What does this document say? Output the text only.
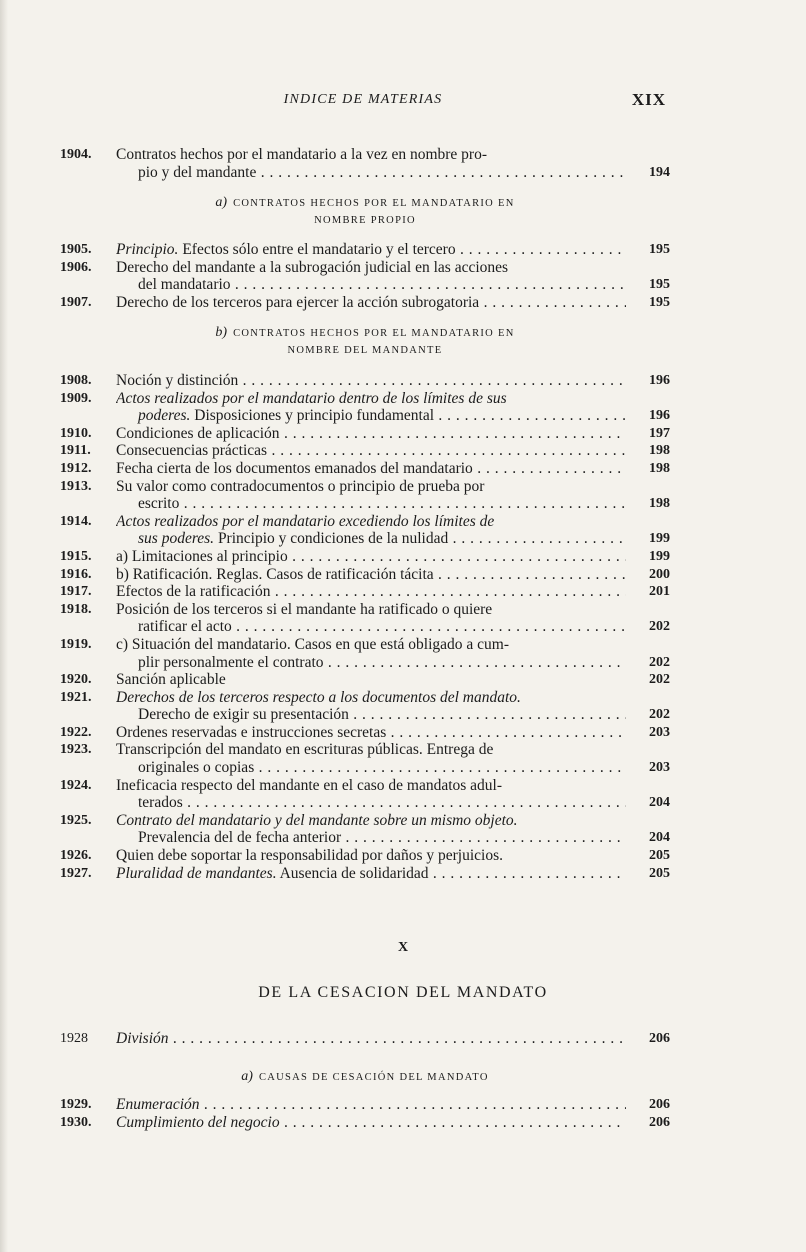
INDICE DE MATERIAS	XIX
1904.	Contratos hechos por el mandatario a la vez en nombre pro-
pio y del mandante . . .	194
a) CONTRATOS HECHOS POR EL MANDATARIO EN
NOMBRE PROPIO
1905.	Principio. Efectos sólo entre el mandatario y el tercero . . .	195
1906.	Derecho del mandante a la subrogación judicial en las acciones
del mandatario . . .	195
1907.	Derecho de los terceros para ejercer la acción subrogatoria . . .	195
b) CONTRATOS HECHOS POR EL MANDATARIO EN
NOMBRE DEL MANDANTE
1908.	Noción y distinción . . .	196
1909.	Actos realizados por el mandatario dentro de los límites de sus
poderes. Disposiciones y principio fundamental . . .	196
1910.	Condiciones de aplicación . . .	197
1911.	Consecuencias prácticas . . .	198
1912.	Fecha cierta de los documentos emanados del mandatario . . .	198
1913.	Su valor como contradocumentos o principio de prueba por
escrito . . .	198
1914.	Actos realizados por el mandatario excediendo los límites de
sus poderes. Principio y condiciones de la nulidad . . .	199
1915.	a) Limitaciones al principio . . .	199
1916.	b) Ratificación. Reglas. Casos de ratificación tácita . . .	200
1917.	Efectos de la ratificación . . .	201
1918.	Posición de los terceros si el mandante ha ratificado o quiere
ratificar el acto . . .	202
1919.	c) Situación del mandatario. Casos en que está obligado a cum-
plir personalmente el contrato . . .	202
1920.	Sanción aplicable	202
1921.	Derechos de los terceros respecto a los documentos del mandato.
Derecho de exigir su presentación . . .	202
1922.	Ordenes reservadas e instrucciones secretas . . .	203
1923.	Transcripción del mandato en escrituras públicas. Entrega de
originales o copias . . .	203
1924.	Ineficacia respecto del mandante en el caso de mandatos adul-
terados . . .	204
1925.	Contrato del mandatario y del mandante sobre un mismo objeto.
Prevalencia del de fecha anterior . . .	204
1926.	Quien debe soportar la responsabilidad por daños y perjuicios.	205
1927.	Pluralidad de mandantes. Ausencia de solidaridad . . .	205
X
DE LA CESACION DEL MANDATO
1928	División . . .	206
a) CAUSAS DE CESACIÓN DEL MANDATO
1929.	Enumeración . . .	206
1930.	Cumplimiento del negocio . . .	206
